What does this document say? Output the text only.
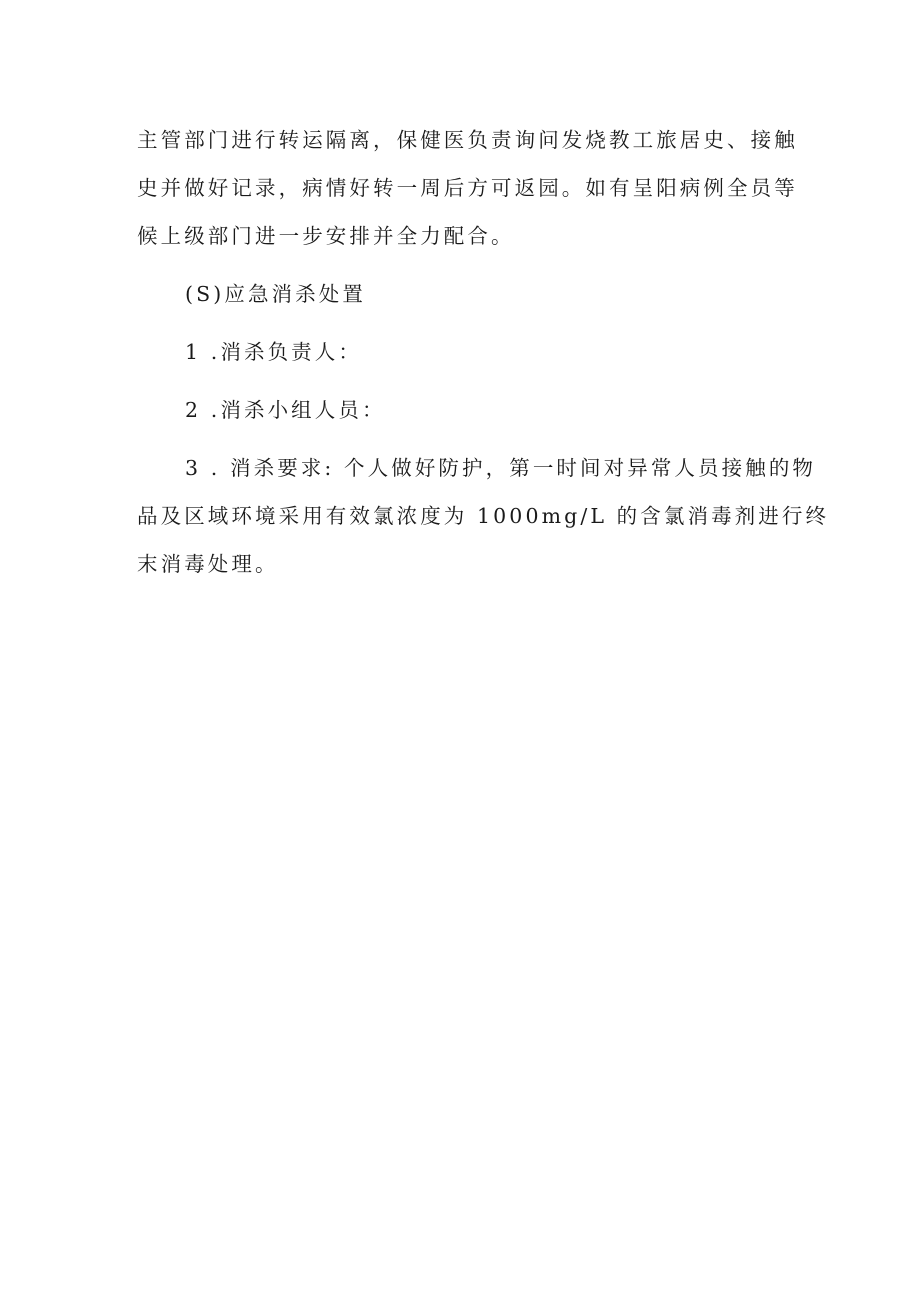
主管部门进行转运隔离，保健医负责询问发烧教工旅居史、接触

史并做好记录，病情好转一周后方可返园。如有呈阳病例全员等

候上级部门进一步安排并全力配合。

(S)应急消杀处置

1 .消杀负责人：

2 .消杀小组人员：

3 . 消杀要求: 个人做好防护，第一时间对异常人员接触的物

品及区域环境采用有效氯浓度为 1000mg/L 的含氯消毒剂进行终

末消毒处理。
